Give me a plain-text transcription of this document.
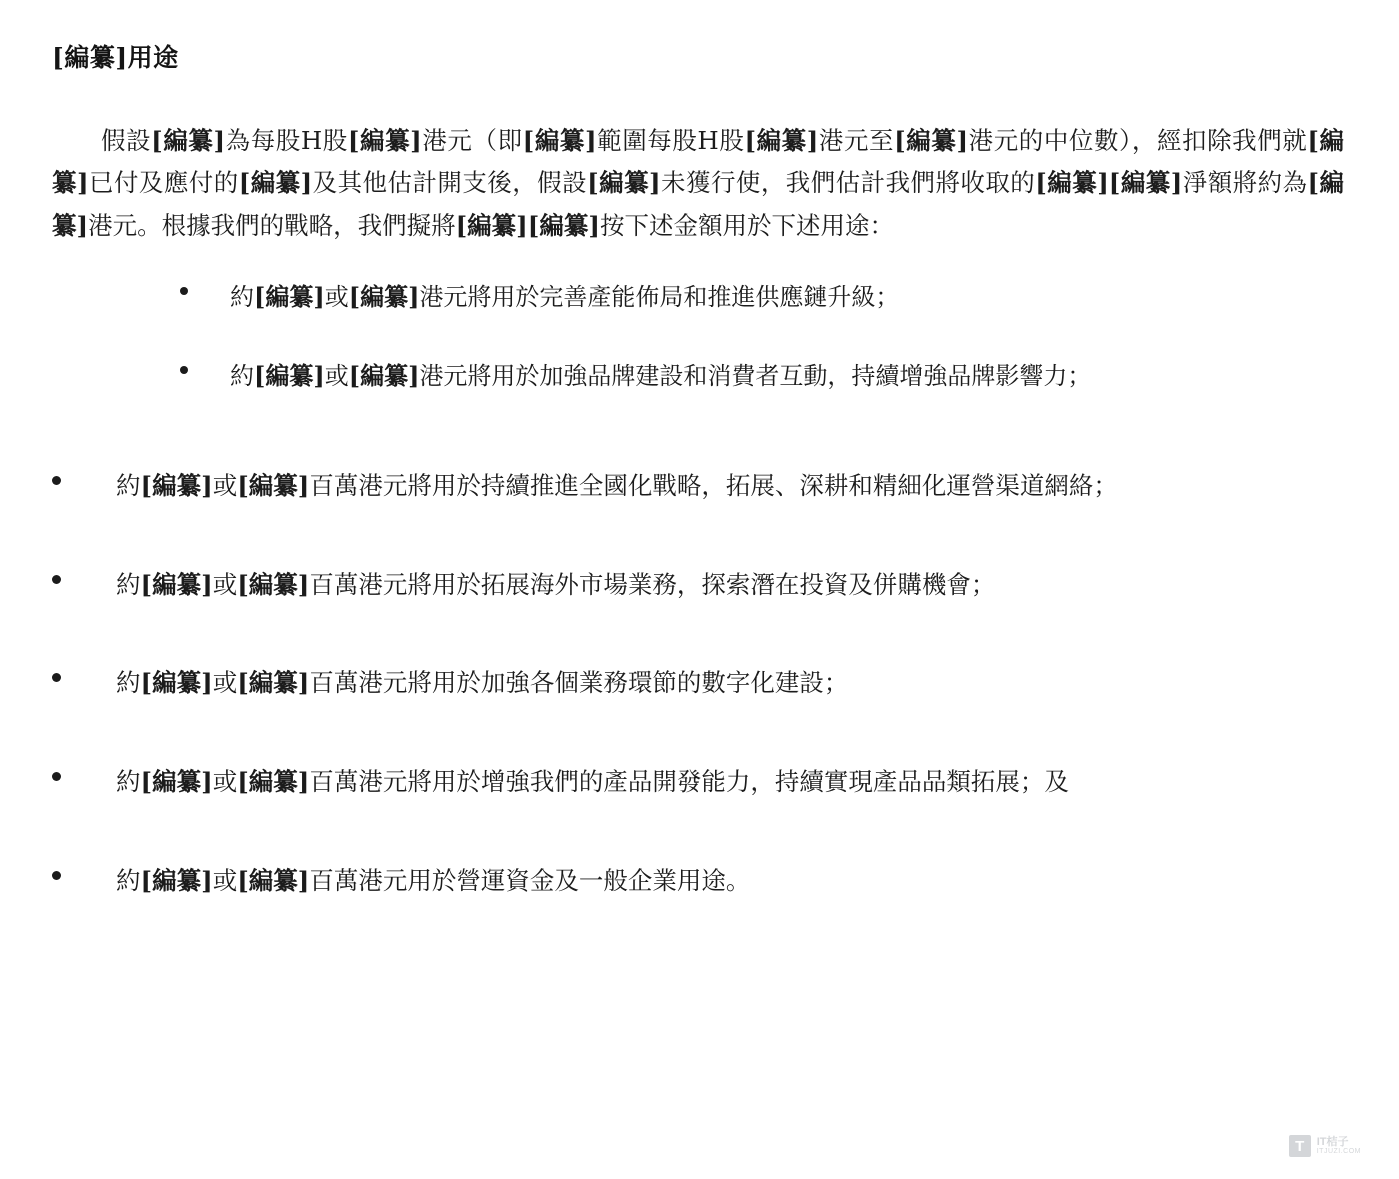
[編纂]用途

假設[編纂]為每股H股[編纂]港元（即[編纂]範圍每股H股[編纂]港元至[編纂]港元的中位數），經扣除我們就[編纂]已付及應付的[編纂]及其他估計開支後，假設[編纂]未獲行使，我們估計我們將收取的[編纂][編纂]淨額將約為[編纂]港元。根據我們的戰略，我們擬將[編纂][編纂]按下述金額用於下述用途：

約[編纂]或[編纂]港元將用於完善產能佈局和推進供應鏈升級；
約[編纂]或[編纂]港元將用於加強品牌建設和消費者互動，持續增強品牌影響力；
約[編纂]或[編纂]百萬港元將用於持續推進全國化戰略，拓展、深耕和精細化運營渠道網絡；
約[編纂]或[編纂]百萬港元將用於拓展海外市場業務，探索潛在投資及併購機會；
約[編纂]或[編纂]百萬港元將用於加強各個業務環節的數字化建設；
約[編纂]或[編纂]百萬港元將用於增強我們的產品開發能力，持續實現產品品類拓展；及
約[編纂]或[編纂]百萬港元用於營運資金及一般企業用途。
T	IT桔子
ITJUZI.COM
